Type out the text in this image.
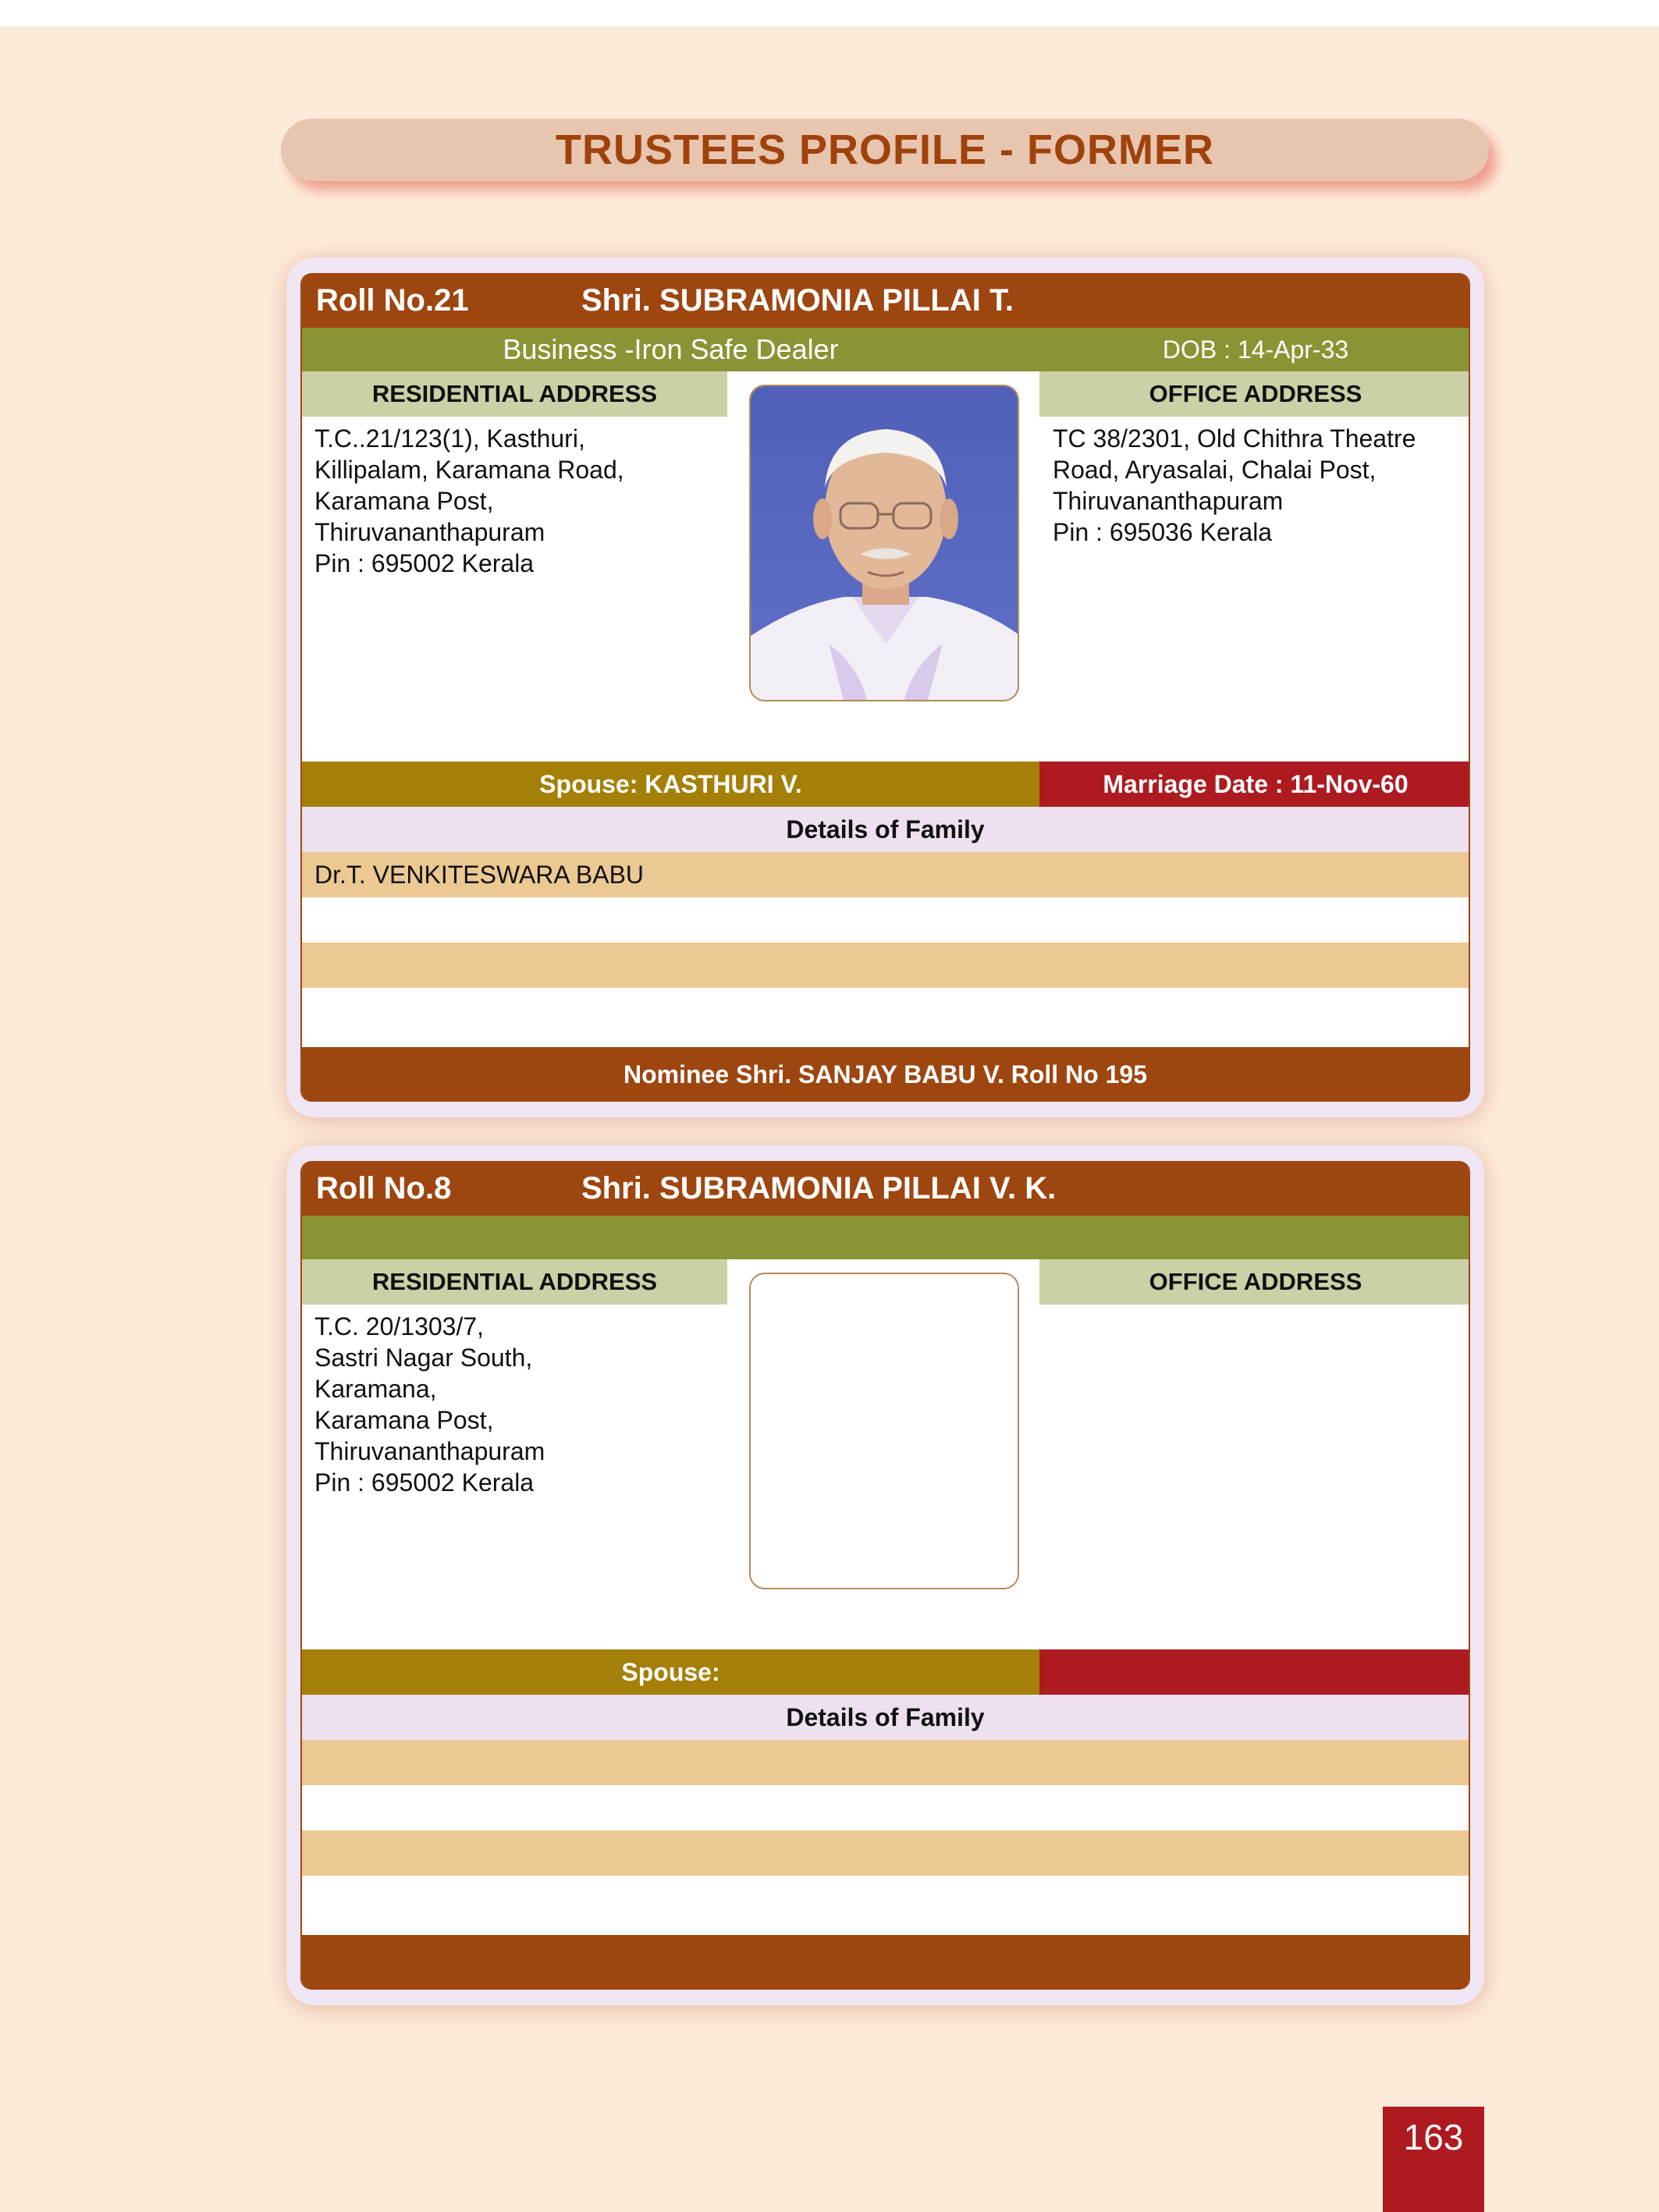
TRUSTEES PROFILE - FORMER
Roll No.21	Shri. SUBRAMONIA PILLAI T.
Business -Iron Safe Dealer	DOB : 14-Apr-33
RESIDENTIAL ADDRESS	OFFICE ADDRESS
T.C..21/123(1), Kasthuri,
Killipalam, Karamana Road,
Karamana Post,
Thiruvananthapuram
Pin : 695002 Kerala
TC 38/2301, Old Chithra Theatre
Road, Aryasalai, Chalai Post,
Thiruvananthapuram
Pin : 695036 Kerala
Spouse: KASTHURI V.	Marriage Date : 11-Nov-60
Details of Family
Dr.T. VENKITESWARA BABU
Nominee Shri. SANJAY BABU V. Roll No 195
Roll No.8	Shri. SUBRAMONIA PILLAI V. K.
RESIDENTIAL ADDRESS	OFFICE ADDRESS
T.C. 20/1303/7,
Sastri Nagar South,
Karamana,
Karamana Post,
Thiruvananthapuram
Pin : 695002 Kerala
Spouse:
Details of Family
163
